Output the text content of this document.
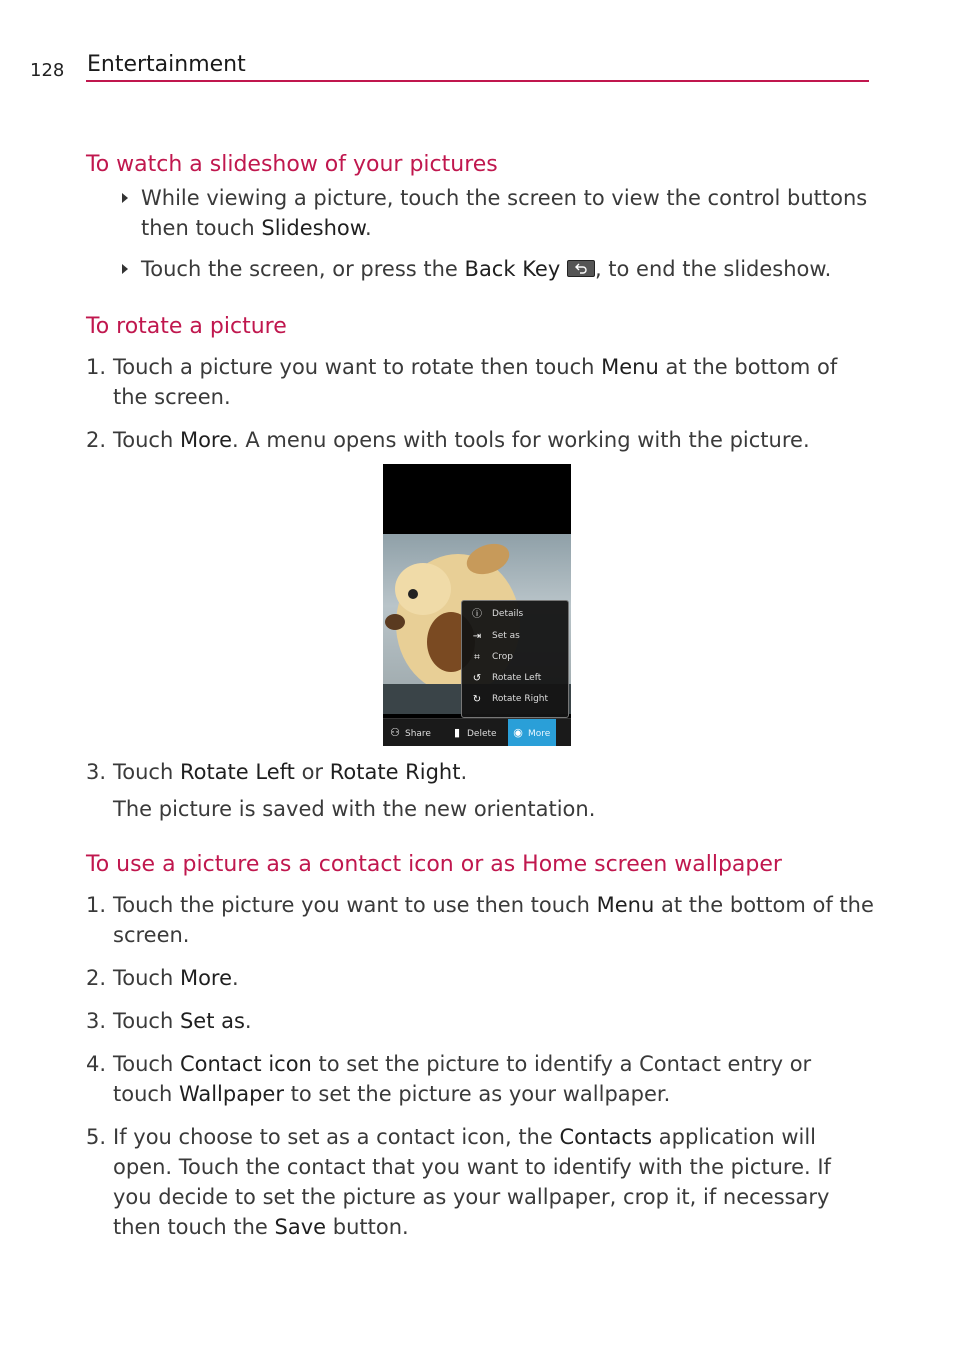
128 Entertainment
To watch a slideshow of your pictures
While viewing a picture, touch the screen to view the control buttons then touch Slideshow.
Touch the screen, or press the Back Key , to end the slideshow.
To rotate a picture
1. Touch a picture you want to rotate then touch Menu at the bottom of the screen.
2. Touch More. A menu opens with tools for working with the picture.
ⓘ Details
⇥ Set as
⌗	Crop
↺ Rotate Left
↻ Rotate Right
⚇ Share ▮ Delete	◉ More
3. Touch Rotate Left or Rotate Right.
The picture is saved with the new orientation.
To use a picture as a contact icon or as Home screen wallpaper
1. Touch the picture you want to use then touch Menu at the bottom of the screen.
2. Touch More.
3. Touch Set as.
4. Touch Contact icon to set the picture to identify a Contact entry or touch Wallpaper to set the picture as your wallpaper.
5. If you choose to set as a contact icon, the Contacts application will open. Touch the contact that you want to identify with the picture. If you decide to set the picture as your wallpaper, crop it, if necessary then touch the Save button.
